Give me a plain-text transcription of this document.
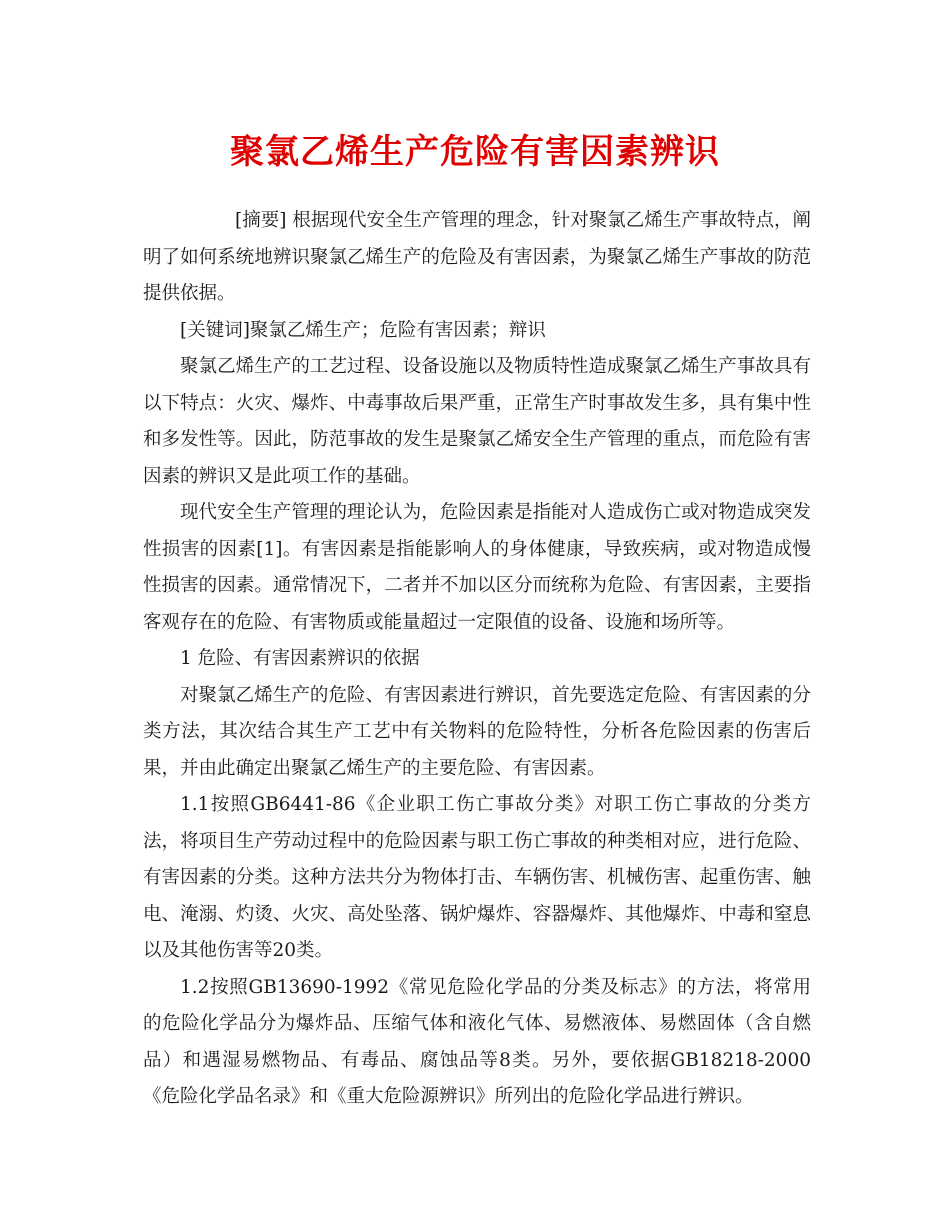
聚氯乙烯生产危险有害因素辨识

[摘要] 根据现代安全生产管理的理念，针对聚氯乙烯生产事故特点，阐明了如何系统地辨识聚氯乙烯生产的危险及有害因素，为聚氯乙烯生产事故的防范提供依据。

[关键词]聚氯乙烯生产；危险有害因素；辩识

聚氯乙烯生产的工艺过程、设备设施以及物质特性造成聚氯乙烯生产事故具有以下特点：火灾、爆炸、中毒事故后果严重，正常生产时事故发生多，具有集中性和多发性等。因此，防范事故的发生是聚氯乙烯安全生产管理的重点，而危险有害因素的辨识又是此项工作的基础。

现代安全生产管理的理论认为，危险因素是指能对人造成伤亡或对物造成突发性损害的因素[1]。有害因素是指能影响人的身体健康，导致疾病，或对物造成慢性损害的因素。通常情况下，二者并不加以区分而统称为危险、有害因素，主要指客观存在的危险、有害物质或能量超过一定限值的设备、设施和场所等。

1 危险、有害因素辨识的依据

对聚氯乙烯生产的危险、有害因素进行辨识，首先要选定危险、有害因素的分类方法，其次结合其生产工艺中有关物料的危险特性，分析各危险因素的伤害后果，并由此确定出聚氯乙烯生产的主要危险、有害因素。

1.1按照GB6441-86《企业职工伤亡事故分类》对职工伤亡事故的分类方法，将项目生产劳动过程中的危险因素与职工伤亡事故的种类相对应，进行危险、有害因素的分类。这种方法共分为物体打击、车辆伤害、机械伤害、起重伤害、触电、淹溺、灼烫、火灾、高处坠落、锅炉爆炸、容器爆炸、其他爆炸、中毒和窒息以及其他伤害等20类。

1.2按照GB13690-1992《常见危险化学品的分类及标志》的方法，将常用的危险化学品分为爆炸品、压缩气体和液化气体、易燃液体、易燃固体（含自燃品）和遇湿易燃物品、有毒品、腐蚀品等8类。另外，要依据GB18218-2000《危险化学品名录》和《重大危险源辨识》所列出的危险化学品进行辨识。
